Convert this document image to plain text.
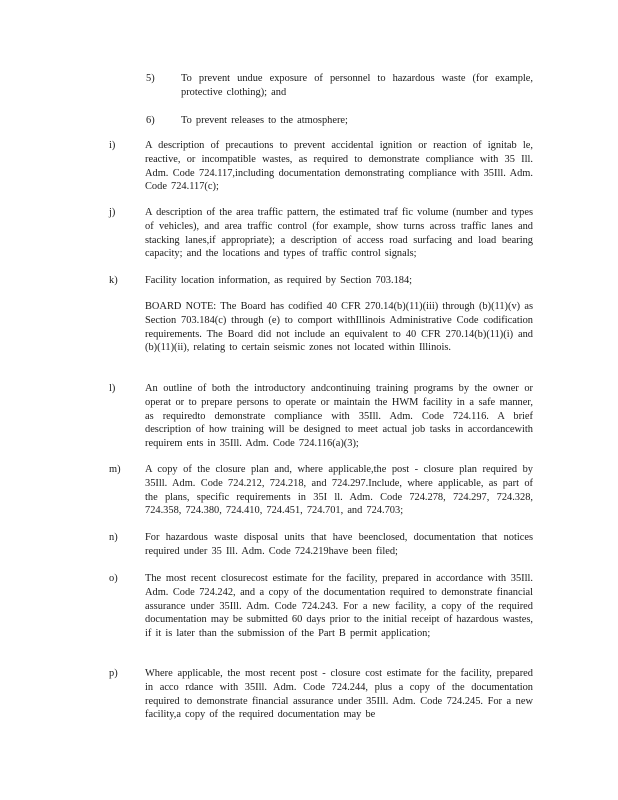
5)	To prevent undue exposure of personnel to hazardous waste (for example, protective clothing); and
6)	To prevent releases to the atmosphere;
i)	A description of precautions to prevent accidental ignition or reaction of ignitab le, reactive, or incompatible wastes, as required to demonstrate compliance with 35 Ill. Adm. Code 724.117,including documentation demonstrating compliance with 35Ill. Adm. Code 724.117(c);
j)	A description of the area traffic pattern, the estimated traf fic volume (number and types of vehicles), and area traffic control (for example, show turns across traffic lanes and stacking lanes,if appropriate); a description of access road surfacing and load bearing capacity; and the locations and types of traffic control signals;
k)	Facility location information, as required by Section 703.184;
BOARD NOTE: The Board has codified 40 CFR 270.14(b)(11)(iii) through (b)(11)(v) as Section 703.184(c) through (e) to comport withIllinois Administrative Code codification requirements. The Board did not include an equivalent to 40 CFR 270.14(b)(11)(i) and (b)(11)(ii), relating to certain seismic zones not located within Illinois.
l)	An outline of both the introductory andcontinuing training programs by the owner or operat or to prepare persons to operate or maintain the HWM facility in a safe manner, as requiredto demonstrate compliance with 35Ill. Adm. Code 724.116. A brief description of how training will be designed to meet actual job tasks in accordancewith requirem ents in 35Ill. Adm. Code 724.116(a)(3);
m) A copy of the closure plan and, where applicable,the post - closure plan required by 35Ill. Adm. Code 724.212, 724.218, and 724.297.Include, where applicable, as part of the plans, specific requirements in 35I ll. Adm. Code 724.278, 724.297, 724.328, 724.358, 724.380, 724.410, 724.451, 724.701, and 724.703;
n)	For hazardous waste disposal units that have beenclosed, documentation that notices required under 35 Ill. Adm. Code 724.219have been filed;
o)	The most recent closurecost estimate for the facility, prepared in accordance with 35Ill. Adm. Code 724.242, and a copy of the documentation required to demonstrate financial assurance under 35Ill. Adm. Code 724.243. For a new facility, a copy of the required documentation may be submitted 60 days prior to the initial receipt of hazardous wastes, if it is later than the submission of the Part B permit application;
p)	Where applicable, the most recent post - closure cost estimate for the facility, prepared in acco rdance with 35Ill. Adm. Code 724.244, plus a copy of the documentation required to demonstrate financial assurance under 35Ill. Adm. Code 724.245. For a new facility,a copy of the required documentation may be
